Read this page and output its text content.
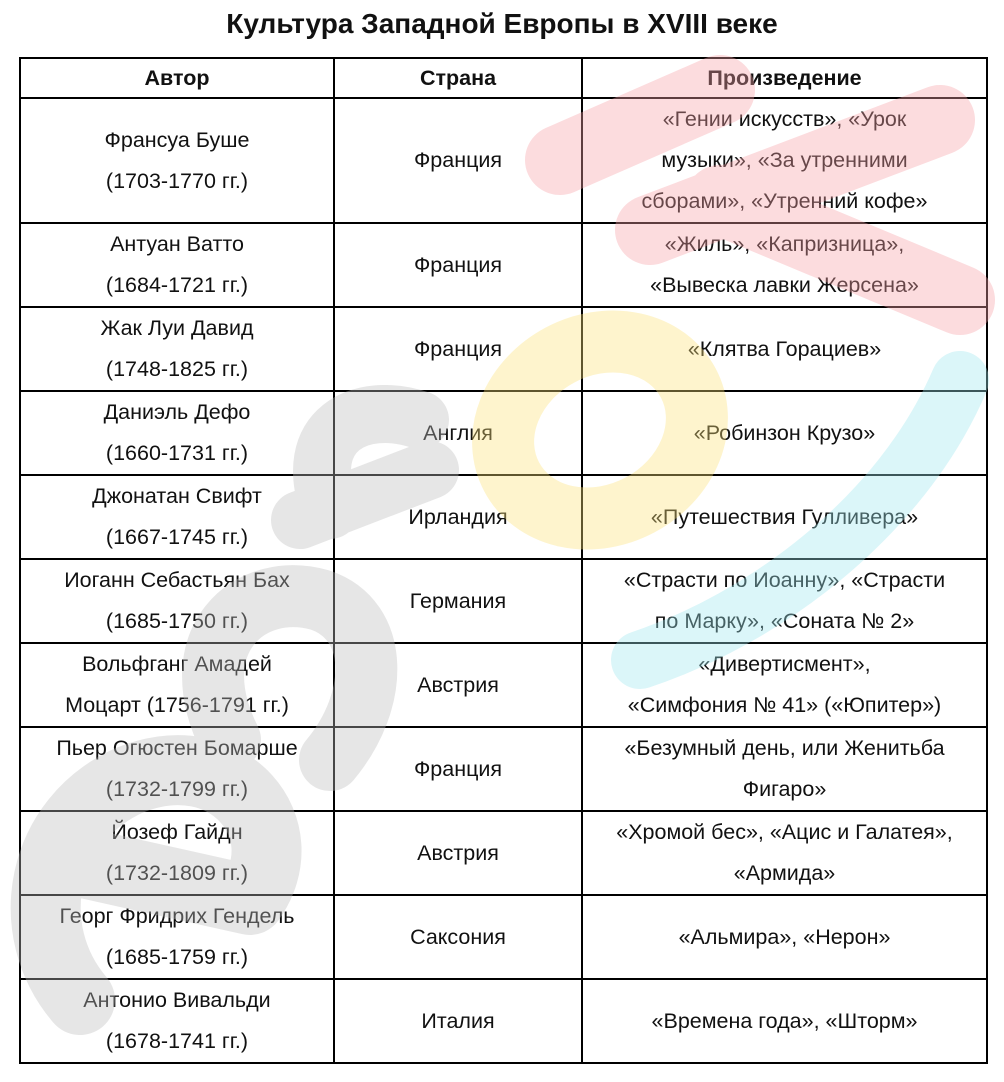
Культура Западной Европы в XVIII веке
Автор	Страна	Произведение
Франсуа Буше
(1703-1770 гг.)	Франция	«Гении искусств», «Урок
музыки», «За утренними
сборами», «Утренний кофе»
Антуан Ватто
(1684-1721 гг.)	Франция	«Жиль», «Капризница»,
«Вывеска лавки Жерсена»
Жак Луи Давид
(1748-1825 гг.)	Франция	«Клятва Горациев»
Даниэль Дефо
(1660-1731 гг.)	Англия	«Робинзон Крузо»
Джонатан Свифт
(1667-1745 гг.)	Ирландия	«Путешествия Гулливера»
Иоганн Себастьян Бах
(1685-1750 гг.)	Германия	«Страсти по Иоанну», «Страсти
по Марку», «Соната № 2»
Вольфганг Амадей
Моцарт (1756-1791 гг.)	Австрия	«Дивертисмент»,
«Симфония № 41» («Юпитер»)
Пьер Огюстен Бомарше
(1732-1799 гг.)	Франция	«Безумный день, или Женитьба
Фигаро»
Йозеф Гайдн
(1732-1809 гг.)	Австрия	«Хромой бес», «Ацис и Галатея»,
«Армида»
Георг Фридрих Гендель
(1685-1759 гг.)	Саксония	«Альмира», «Нерон»
Антонио Вивальди
(1678-1741 гг.)	Италия	«Времена года», «Шторм»
